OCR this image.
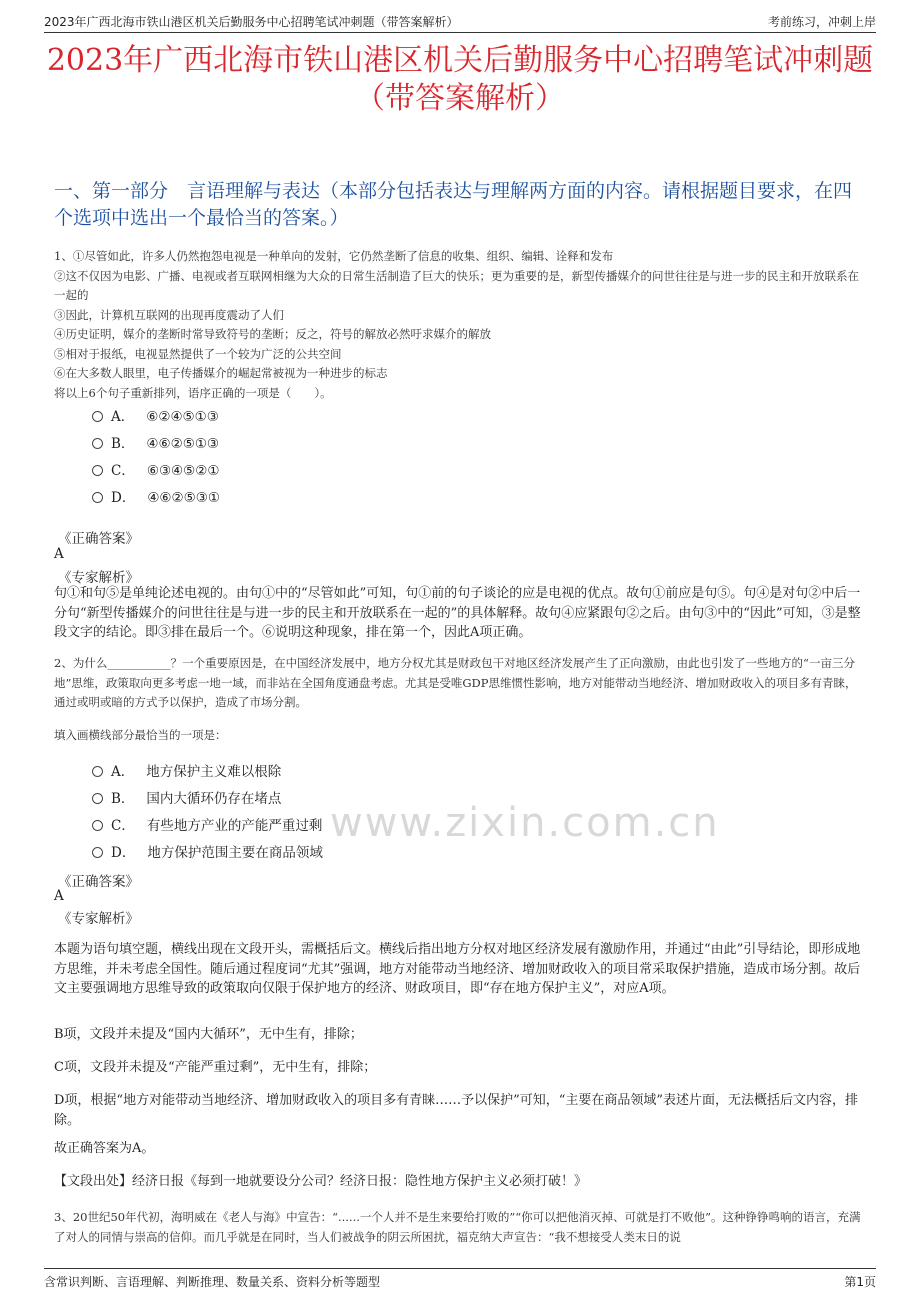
2023年广西北海市铁山港区机关后勤服务中心招聘笔试冲刺题（带答案解析）	考前练习，冲刺上岸
2023年广西北海市铁山港区机关后勤服务中心招聘笔试冲刺题
（带答案解析）
一、第一部分　言语理解与表达（本部分包括表达与理解两方面的内容。请根据题目要求，在四个选项中选出一个最恰当的答案。）

1、①尽管如此，许多人仍然抱怨电视是一种单向的发射，它仍然垄断了信息的收集、组织、编辑、诠释和发布

②这不仅因为电影、广播、电视或者互联网相继为大众的日常生活制造了巨大的快乐；更为重要的是，新型传播媒介的问世往往是与进一步的民主和开放联系在一起的

③因此，计算机互联网的出现再度震动了人们

④历史证明，媒介的垄断时常导致符号的垄断；反之，符号的解放必然吁求媒介的解放

⑤相对于报纸，电视显然提供了一个较为广泛的公共空间

⑥在大多数人眼里，电子传播媒介的崛起常被视为一种进步的标志

将以上6个句子重新排列，语序正确的一项是（　　）。

A． ⑥②④⑤①③
B． ④⑥②⑤①③
C． ⑥③④⑤②①
D． ④⑥②⑤③①
《正确答案》
A
《专家解析》
句①和句⑤是单纯论述电视的。由句①中的“尽管如此”可知，句①前的句子谈论的应是电视的优点。故句①前应是句⑤。句④是对句②中后一分句“新型传播媒介的问世往往是与进一步的民主和开放联系在一起的”的具体解释。故句④应紧跟句②之后。由句③中的“因此”可知，③是整段文字的结论。即③排在最后一个。⑥说明这种现象，排在第一个，因此A项正确。
2、为什么___________？一个重要原因是，在中国经济发展中，地方分权尤其是财政包干对地区经济发展产生了正向激励，由此也引发了一些地方的“一亩三分地”思维，政策取向更多考虑一地一域，而非站在全国角度通盘考虑。尤其是受唯GDP思维惯性影响，地方对能带动当地经济、增加财政收入的项目多有青睐，通过或明或暗的方式予以保护，造成了市场分割。
填入画横线部分最恰当的一项是：
A． 地方保护主义难以根除
B． 国内大循环仍存在堵点
C． 有些地方产业的产能严重过剩
D． 地方保护范围主要在商品领域
《正确答案》
A
《专家解析》
本题为语句填空题，横线出现在文段开头，需概括后文。横线后指出地方分权对地区经济发展有激励作用，并通过“由此”引导结论，即形成地方思维，并未考虑全国性。随后通过程度词“尤其”强调，地方对能带动当地经济、增加财政收入的项目常采取保护措施，造成市场分割。故后文主要强调地方思维导致的政策取向仅限于保护地方的经济、财政项目，即“存在地方保护主义”，对应A项。
B项，文段并未提及“国内大循环”，无中生有，排除；
C项，文段并未提及“产能严重过剩”，无中生有，排除；
D项，根据“地方对能带动当地经济、增加财政收入的项目多有青睐……予以保护”可知，“主要在商品领域”表述片面，无法概括后文内容，排除。
故正确答案为A。
【文段出处】经济日报《每到一地就要设分公司？经济日报：隐性地方保护主义必须打破！》
3、20世纪50年代初，海明威在《老人与海》中宣告：“......一个人并不是生来要给打败的”“你可以把他消灭掉、可就是打不败他”。这种铮铮鸣响的语言，充满了对人的同情与崇高的信仰。而几乎就是在同时，当人们被战争的阴云所困扰，福克纳大声宣告：“我不想接受人类末日的说
www.zixin.com.cn
含常识判断、言语理解、判断推理、数量关系、资料分析等题型	第1页
